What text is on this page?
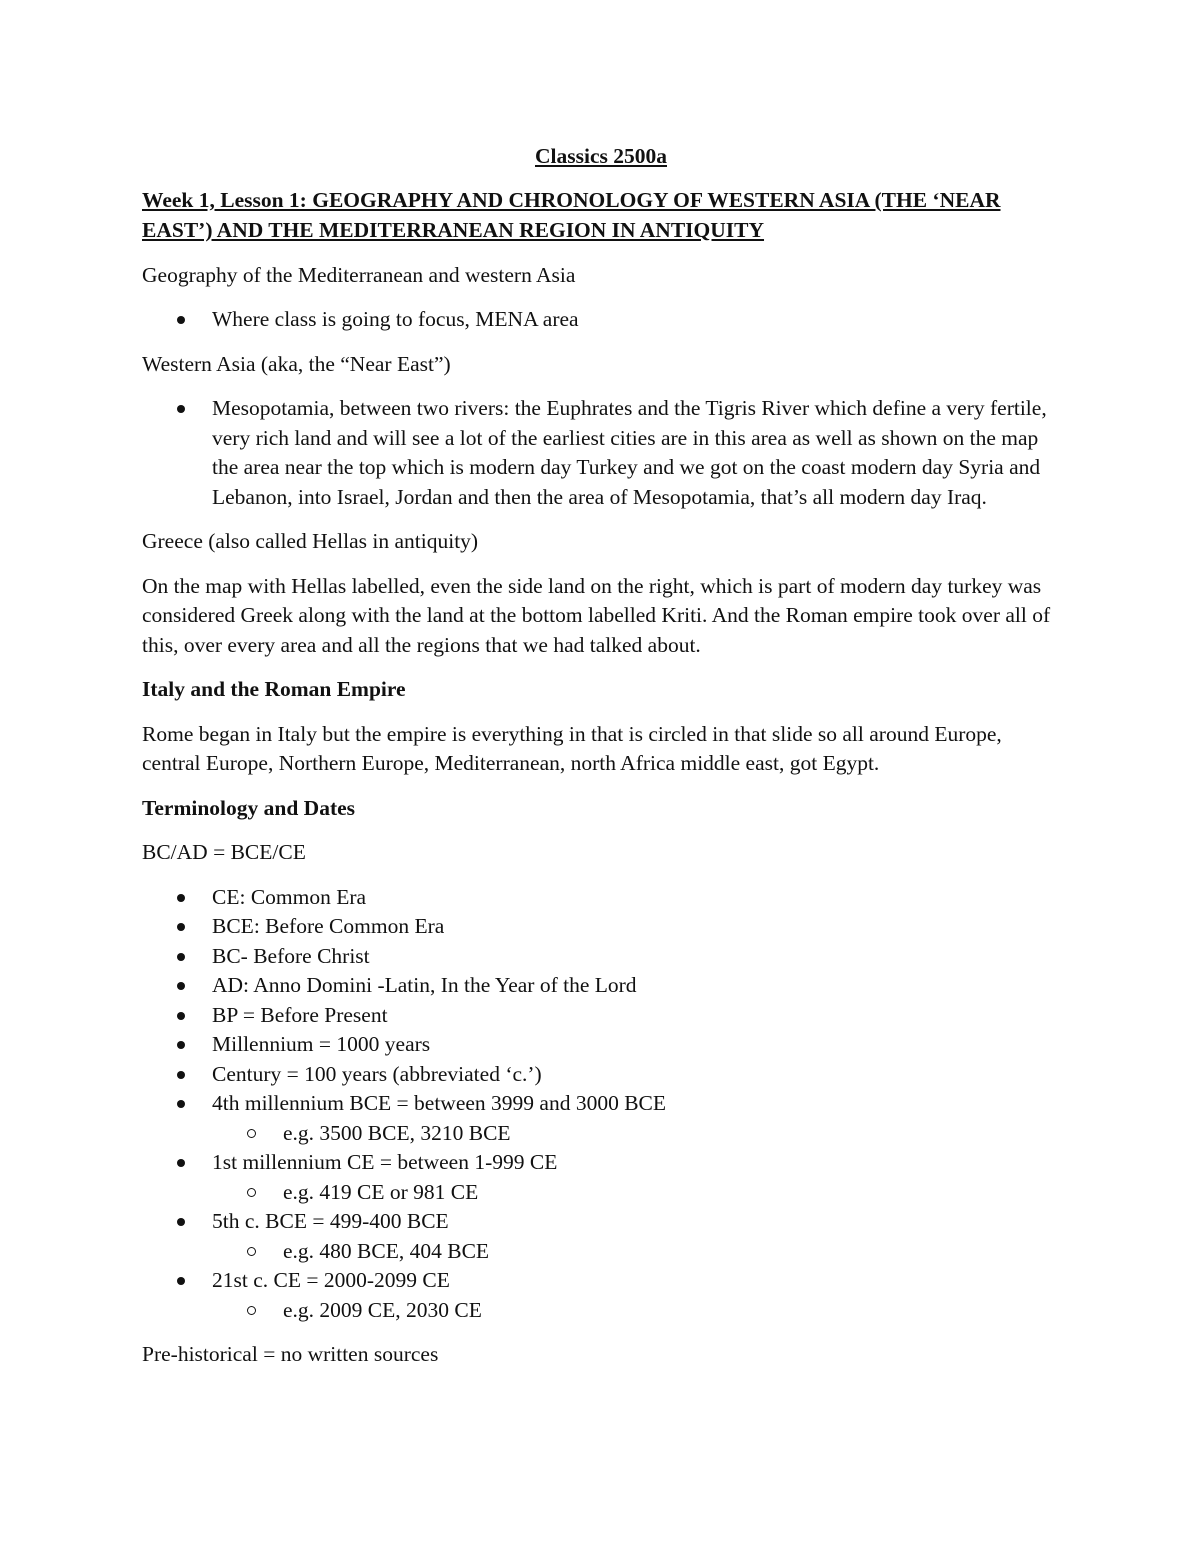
Classics 2500a
Week 1, Lesson 1: GEOGRAPHY AND CHRONOLOGY OF WESTERN ASIA (THE ‘NEAR EAST’) AND THE MEDITERRANEAN REGION IN ANTIQUITY

Geography of the Mediterranean and western Asia

Where class is going to focus, MENA area

Western Asia (aka, the “Near East”)

Mesopotamia, between two rivers: the Euphrates and the Tigris River which define a very fertile, very rich land and will see a lot of the earliest cities are in this area as well as shown on the map the area near the top which is modern day Turkey and we got on the coast modern day Syria and Lebanon, into Israel, Jordan and then the area of Mesopotamia, that’s all modern day Iraq.

Greece (also called Hellas in antiquity)

On the map with Hellas labelled, even the side land on the right, which is part of modern day turkey was considered Greek along with the land at the bottom labelled Kriti. And the Roman empire took over all of this, over every area and all the regions that we had talked about.

Italy and the Roman Empire

Rome began in Italy but the empire is everything in that is circled in that slide so all around Europe, central Europe, Northern Europe, Mediterranean, north Africa middle east, got Egypt.

Terminology and Dates

BC/AD = BCE/CE

CE: Common Era
BCE: Before Common Era
BC- Before Christ
AD: Anno Domini -Latin, In the Year of the Lord
BP = Before Present
Millennium = 1000 years
Century = 100 years (abbreviated ‘c.’)
4th millennium BCE = between 3999 and 3000 BCE
e.g. 3500 BCE, 3210 BCE
1st millennium CE = between 1-999 CE
e.g. 419 CE or 981 CE
5th c. BCE = 499-400 BCE
e.g. 480 BCE, 404 BCE
21st c. CE = 2000-2099 CE
e.g. 2009 CE, 2030 CE

Pre-historical = no written sources
